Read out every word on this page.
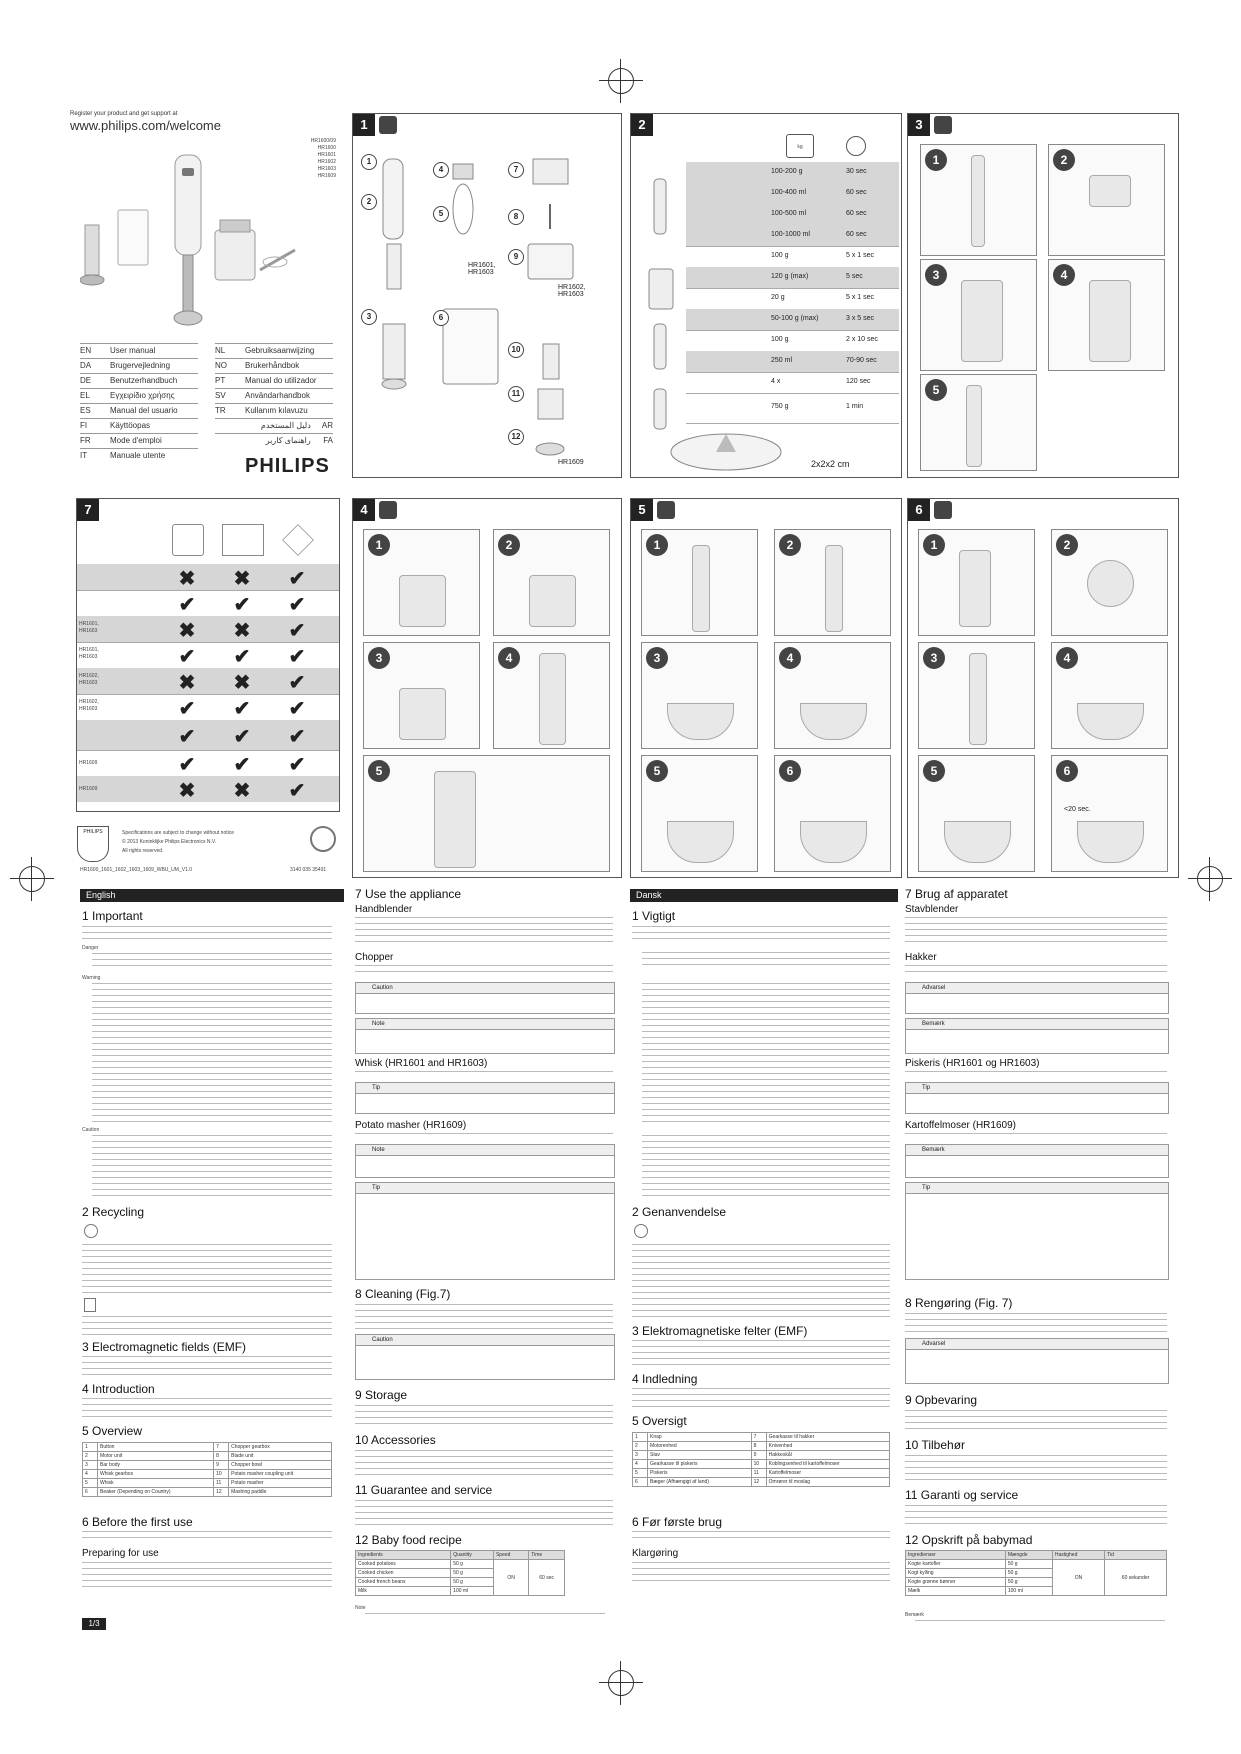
Register your product and get support at
www.philips.com/welcome
HR1600/09
HR1600
HR1601
HR1602
HR1603
HR1609
EN User manual
DA Brugervejledning
DE Benutzerhandbuch
EL	Εγχειρίδιο χρήσης
ES Manual del usuario
FI	Käyttöopas
FR Mode d'emploi
IT	Manuale utente
NL Gebruiksaanwijzing
NO Brukerhåndbok
PT Manual do utilizador
SV Användarhandbok
TR Kullanım kılavuzu
دليل المستخدم AR
راهنمای کاربر FA
PHILIPS
1
1
2
3
4
5
6
7
8
9
10
11
12
HR1601,
HR1603
HR1602,
HR1603
HR1609
2
kg

100-200 g	30 sec
100-400 ml	60 sec
100-500 ml	60 sec
100-1000 ml	60 sec
100 g	5 x 1 sec
120 g (max)	5 sec
20 g	5 x 1 sec
50-100 g (max)	3 x 5 sec
100 g	2 x 10 sec
250 ml	70-90 sec
4 x	120 sec
750 g	1 min
2x2x2 cm
3
1	2
3	4
5
7
✖	✖	✔
✔	✔	✔
HR1601,
HR1603	✖	✖	✔
HR1601,
HR1603	✔	✔	✔
HR1602,
HR1603	✖	✖	✔
HR1602,
HR1603	✔	✔	✔
✔	✔	✔
HR1609	✔	✔	✔
HR1609	✖	✖	✔
4
1	2
3	4
5
5
1	2
3	4
5	6
6
1	2
3	4
5	6
<20 sec.
PHILIPS	Specifications are subject to change without notice
© 2013 Koninklijke Philips Electronics N.V.
All rights reserved.
HR1600_1601_1602_1603_1609_WBU_UM_V1.0	3140 035 35491
English
1 Important
Danger
Warning
Caution
2 Recycling
3 Electromagnetic fields (EMF)
4 Introduction
5 Overview
1	Button	7	Chopper gearbox
2	Motor unit	8	Blade unit
3	Bar body	9	Chopper bowl
4	Whisk gearbox	10	Potato masher coupling unit
5	Whisk	11	Potato masher
6	Beaker (Depending on Country)	12	Mashing paddle
6 Before the first use
Preparing for use
1/3
7 Use the appliance
Handblender
Chopper
Caution
Note
Whisk (HR1601 and HR1603)
Tip
Potato masher (HR1609)
Note
Tip
8 Cleaning (Fig.7)
Caution
9 Storage
10 Accessories
11 Guarantee and service
12 Baby food recipe
Ingredients	Quantity	Speed	Time
Cooked potatoes	50 g	ON	60 sec
Cooked chicken	50 g		
Cooked french beans	50 g		
Milk	100 ml		
Note
Dansk
1 Vigtigt
2 Genanvendelse
3 Elektromagnetiske felter (EMF)
4 Indledning
5 Oversigt
1	Knap	7	Gearkasse til hakker
2	Motorenhed	8	Knivenhed
3	Stav	9	Hakkeskål
4	Gearkasse til piskeris	10	Koblingsenhed til kartoffelmoser
5	Piskeris	11	Kartoffelmoser
6	Bæger (Afhængigt af land)	12	Omrører til moslag
6 Før første brug
Klargøring
7 Brug af apparatet
Stavblender
Hakker
Advarsel
Bemærk
Piskeris (HR1601 og HR1603)
Tip
Kartoffelmoser (HR1609)
Bemærk
Tip
8 Rengøring (Fig. 7)
Advarsel
9 Opbevaring
10 Tilbehør
11 Garanti og service
12 Opskrift på babymad
Ingredienser	Mængde	Hastighed	Tid
Kogte kartofler	50 g	ON	60 sekunder
Kogt kylling	50 g		
Kogte grønne bønner	50 g		
Mælk	100 ml		
Bemærk
